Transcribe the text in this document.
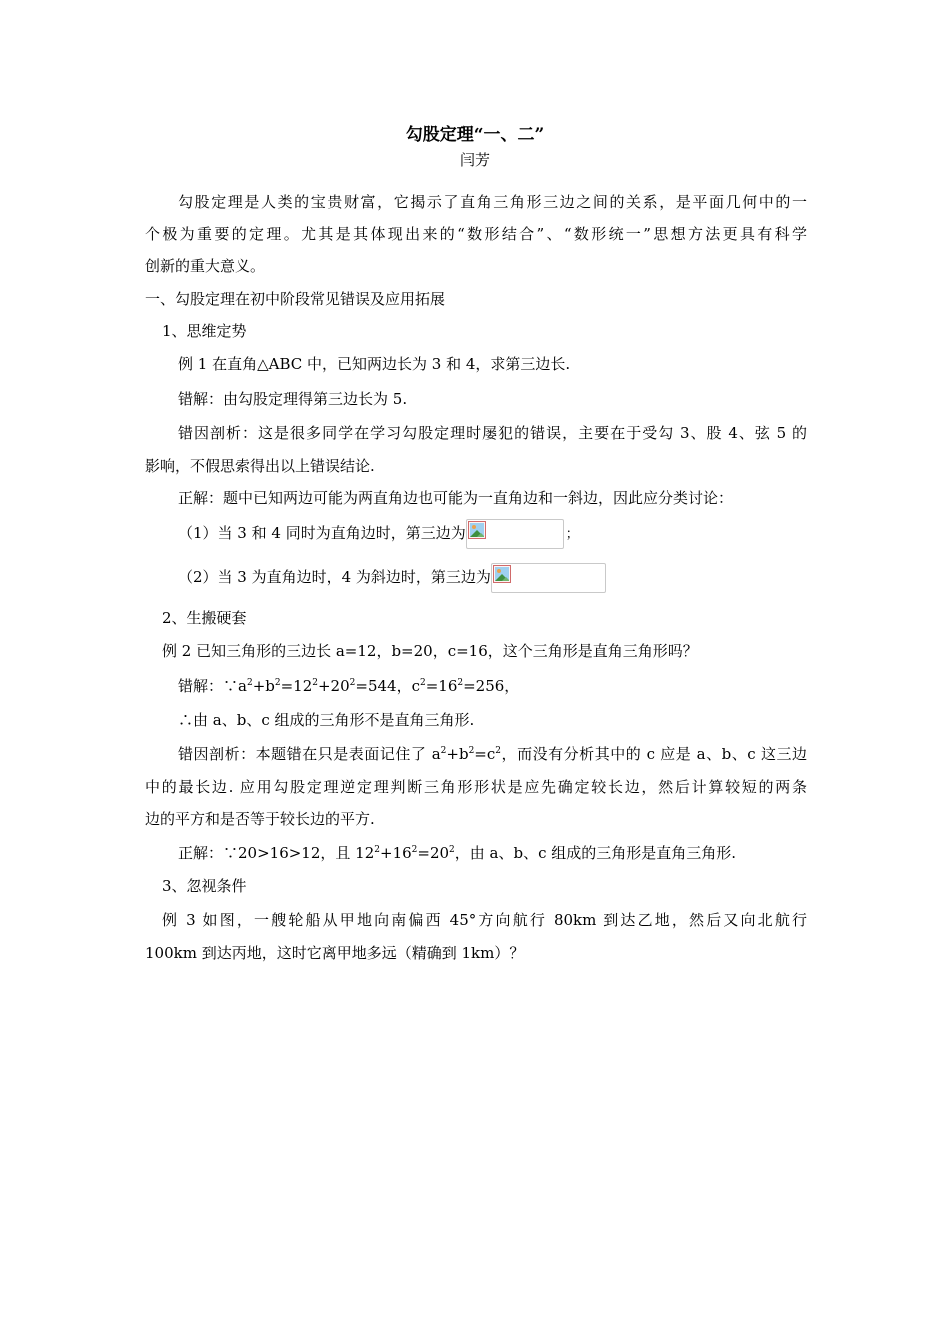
勾股定理“一、二”
闫芳
勾股定理是人类的宝贵财富，它揭示了直角三角形三边之间的关系，是平面几何中的一
个极为重要的定理。尤其是其体现出来的“数形结合”、“数形统一”思想方法更具有科学
创新的重大意义。
一、勾股定理在初中阶段常见错误及应用拓展
1、思维定势
例 1 在直角△ABC 中，已知两边长为 3 和 4，求第三边长.
错解：由勾股定理得第三边长为 5.
错因剖析：这是很多同学在学习勾股定理时屡犯的错误，主要在于受勾 3、股 4、弦 5 的
影响，不假思索得出以上错误结论.
正解：题中已知两边可能为两直角边也可能为一直角边和一斜边，因此应分类讨论：
（1）当 3 和 4 同时为直角边时，第三边为	；
（2）当 3 为直角边时，4 为斜边时，第三边为
2、生搬硬套
例 2 已知三角形的三边长 a=12，b=20，c=16，这个三角形是直角三角形吗？
错解：$\because a^2+b^2=12^2+20^2=544$，$c^2=16^2=256$，
∴由 a、b、c 组成的三角形不是直角三角形.
错因剖析：本题错在只是表面记住了 $a^2+b^2=c^2$，而没有分析其中的 c 应是 a、b、c 这三边
中的最长边. 应用勾股定理逆定理判断三角形形状是应先确定较长边，然后计算较短的两条
边的平方和是否等于较长边的平方.
正解：∵20>16>12，且 $12^2+16^2=20^2$，由 a、b、c 组成的三角形是直角三角形.
3、忽视条件
例 3 如图，一艘轮船从甲地向南偏西 45°方向航行 80km 到达乙地，然后又向北航行
100km 到达丙地，这时它离甲地多远（精确到 1km）？
